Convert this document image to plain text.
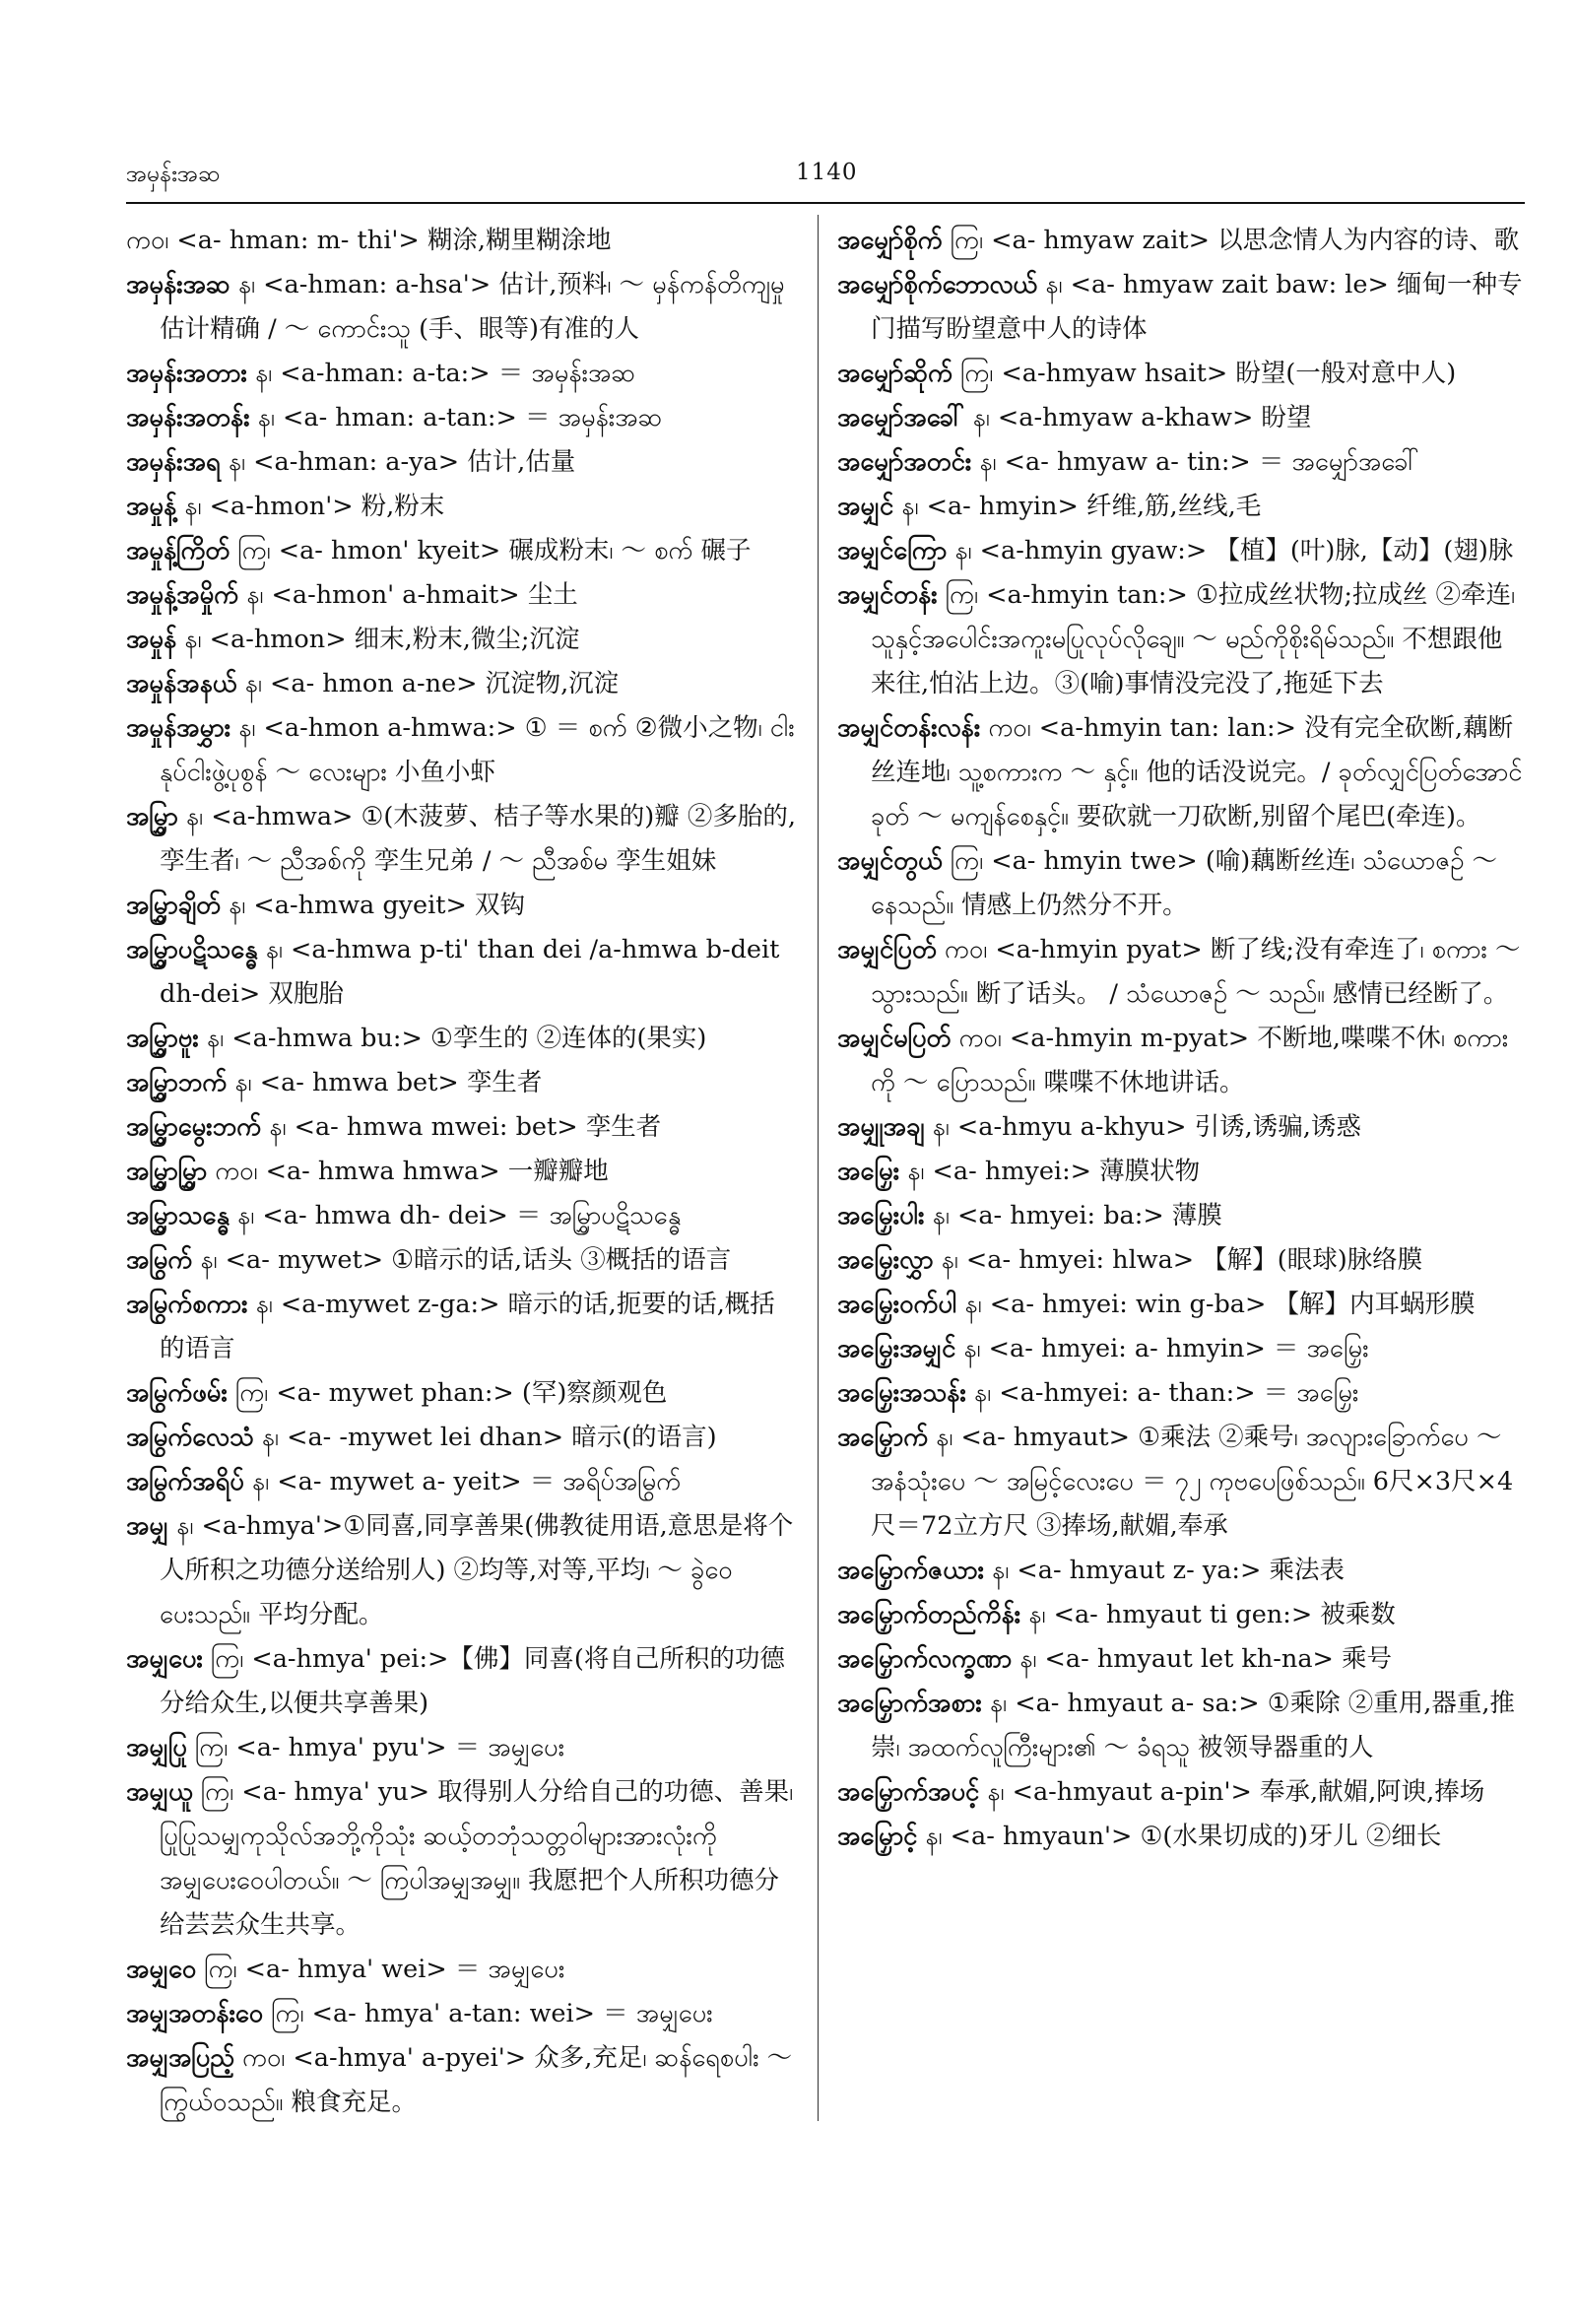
အမှန်းအဆ	1140

ကဝ၊ <a- hman: m- thi'> 糊涂,糊里糊涂地

အမှန်းအဆ န၊ <a-hman: a-hsa'> 估计,预料၊ ～ မှန်ကန်တိကျမှု 估计精确 / ～ ကောင်းသူ (手、眼等)有准的人

အမှန်းအတား န၊ <a-hman: a-ta:> ＝ အမှန်းအဆ

အမှန်းအတန်း န၊ <a- hman: a-tan:> ＝ အမှန်းအဆ

အမှန်းအရ န၊ <a-hman: a-ya> 估计,估量

အမှုန့် န၊ <a-hmon'> 粉,粉末

အမှုန့်ကြိတ် ကြ၊ <a- hmon' kyeit> 碾成粉末၊ ～ စက် 碾子

အမှုန့်အမှိုက် န၊ <a-hmon' a-hmait> 尘土

အမှုန် န၊ <a-hmon> 细末,粉末,微尘;沉淀

အမှုန်အနယ် န၊ <a- hmon a-ne> 沉淀物,沉淀

အမှုန်အမွှား န၊ <a-hmon a-hmwa:> ① ＝ စက် ②微小之物၊ ငါးနုပ်ငါးဖွဲ့ပုစွန် ～ လေးများ 小鱼小虾

အမြွှာ န၊ <a-hmwa> ①(木菠萝、桔子等水果的)瓣 ②多胎的,孪生者၊ ～ ညီအစ်ကို 孪生兄弟 / ～ ညီအစ်မ 孪生姐妹

အမြွှာချိတ် န၊ <a-hmwa gyeit> 双钩

အမြွှာပဋိသန္ဓေ န၊ <a-hmwa p-ti' than dei /a-hmwa b-deit dh-dei> 双胞胎

အမြွှာဗူး န၊ <a-hmwa bu:> ①孪生的 ②连体的(果实)

အမြွှာဘက် န၊ <a- hmwa bet> 孪生者

အမြွှာမွေးဘက် န၊ <a- hmwa mwei: bet> 孪生者

အမြွှာမြွှာ ကဝ၊ <a- hmwa hmwa> 一瓣瓣地

အမြွှာသန္ဓေ န၊ <a- hmwa dh- dei> ＝ အမြွှာပဋိသန္ဓေ

အမြွက် န၊ <a- mywet> ①暗示的话,话头 ③概括的语言

အမြွက်စကား န၊ <a-mywet z-ga:> 暗示的话,扼要的话,概括的语言

အမြွက်ဖမ်း ကြ၊ <a- mywet phan:> (罕)察颜观色

အမြွက်လေသံ န၊ <a- -mywet lei dhan> 暗示(的语言)

အမြွက်အရိပ် န၊ <a- mywet a- yeit> ＝ အရိပ်အမြွက်

အမျှ န၊ <a-hmya'>①同喜,同享善果(佛教徒用语,意思是将个人所积之功德分送给别人) ②均等,对等,平均၊ ～ ခွဲဝေပေးသည်။ 平均分配。

အမျှပေး ကြ၊ <a-hmya' pei:>【佛】同喜(将自己所积的功德分给众生,以便共享善果)

အမျှပြု ကြ၊ <a- hmya' pyu'> ＝ အမျှပေး

အမျှယူ ကြ၊ <a- hmya' yu> 取得别人分给自己的功德、善果၊ ပြုပြုသမျှကုသိုလ်အဘို့ကိုသုံး ဆယ့်တဘုံသတ္တဝါများအားလုံးကို အမျှပေးဝေပါတယ်။ ～ ကြပါအမျှအမျှ။ 我愿把个人所积功德分给芸芸众生共享。

အမျှဝေ ကြ၊ <a- hmya' wei> ＝ အမျှပေး

အမျှအတန်းဝေ ကြ၊ <a- hmya' a-tan: wei> ＝ အမျှပေး

အမျှအပြည့် ကဝ၊ <a-hmya' a-pyei'> 众多,充足၊ ဆန်ရေစပါး ～ ကြွယ်ဝသည်။ 粮食充足。

အမျှော်စိုက် ကြ၊ <a- hmyaw zait> 以思念情人为内容的诗、歌

အမျှော်စိုက်ဘောလယ် န၊ <a- hmyaw zait baw: le> 缅甸一种专门描写盼望意中人的诗体

အမျှော်ဆိုက် ကြ၊ <a-hmyaw hsait> 盼望(一般对意中人)

အမျှော်အခေါ် န၊ <a-hmyaw a-khaw> 盼望

အမျှော်အတင်း န၊ <a- hmyaw a- tin:> ＝ အမျှော်အခေါ်

အမျှင် န၊ <a- hmyin> 纤维,筋,丝线,毛

အမျှင်ကြော န၊ <a-hmyin gyaw:> 【植】(叶)脉,【动】(翅)脉

အမျှင်တန်း ကြ၊ <a-hmyin tan:> ①拉成丝状物;拉成丝 ②牵连၊ သူနှင့်အပေါင်းအကူးမပြုလုပ်လိုချေ။ ～ မည်ကိုစိုးရိမ်သည်။ 不想跟他来往,怕沾上边。③(喻)事情没完没了,拖延下去

အမျှင်တန်းလန်း ကဝ၊ <a-hmyin tan: lan:> 没有完全砍断,藕断丝连地၊ သူ့စကားက ～ နှင့်။ 他的话没说完。/ ခုတ်လျှင်ပြတ်အောင်ခုတ် ～ မကျန်စေနှင့်။ 要砍就一刀砍断,别留个尾巴(牵连)。

အမျှင်တွယ် ကြ၊ <a- hmyin twe> (喻)藕断丝连၊ သံယောဇဉ် ～ နေသည်။ 情感上仍然分不开。

အမျှင်ပြတ် ကဝ၊ <a-hmyin pyat> 断了线;没有牵连了၊ စကား ～ သွားသည်။ 断了话头。 / သံယောဇဉ် ～ သည်။ 感情已经断了。

အမျှင်မပြတ် ကဝ၊ <a-hmyin m-pyat> 不断地,喋喋不休၊ စကားကို ～ ပြောသည်။ 喋喋不休地讲话。

အမျှုအချ န၊ <a-hmyu a-khyu> 引诱,诱骗,诱惑

အမြှေး န၊ <a- hmyei:> 薄膜状物

အမြှေးပါး န၊ <a- hmyei: ba:> 薄膜

အမြှေးလွှာ န၊ <a- hmyei: hlwa> 【解】(眼球)脉络膜

အမြှေးဝက်ပါ န၊ <a- hmyei: win g-ba> 【解】内耳蜗形膜

အမြှေးအမျှင် န၊ <a- hmyei: a- hmyin> ＝ အမြှေး

အမြှေးအသန်း န၊ <a-hmyei: a- than:> ＝ အမြှေး

အမြှောက် န၊ <a- hmyaut> ①乘法 ②乘号၊ အလျားခြောက်ပေ ～ အနံသုံးပေ ～ အမြင့်လေးပေ ＝ ၇၂ ကုဗပေဖြစ်သည်။ 6尺×3尺×4尺＝72立方尺 ③捧场,献媚,奉承

အမြှောက်ဇယား န၊ <a- hmyaut z- ya:> 乘法表

အမြှောက်တည်ကိန်း န၊ <a- hmyaut ti gen:> 被乘数

အမြှောက်လက္ခဏာ န၊ <a- hmyaut let kh-na> 乘号

အမြှောက်အစား န၊ <a- hmyaut a- sa:> ①乘除 ②重用,器重,推崇၊ အထက်လူကြီးများ၏ ～ ခံရသူ 被领导器重的人

အမြှောက်အပင့် န၊ <a-hmyaut a-pin'> 奉承,献媚,阿谀,捧场

အမြှောင့် န၊ <a- hmyaun'> ①(水果切成的)牙儿 ②细长
